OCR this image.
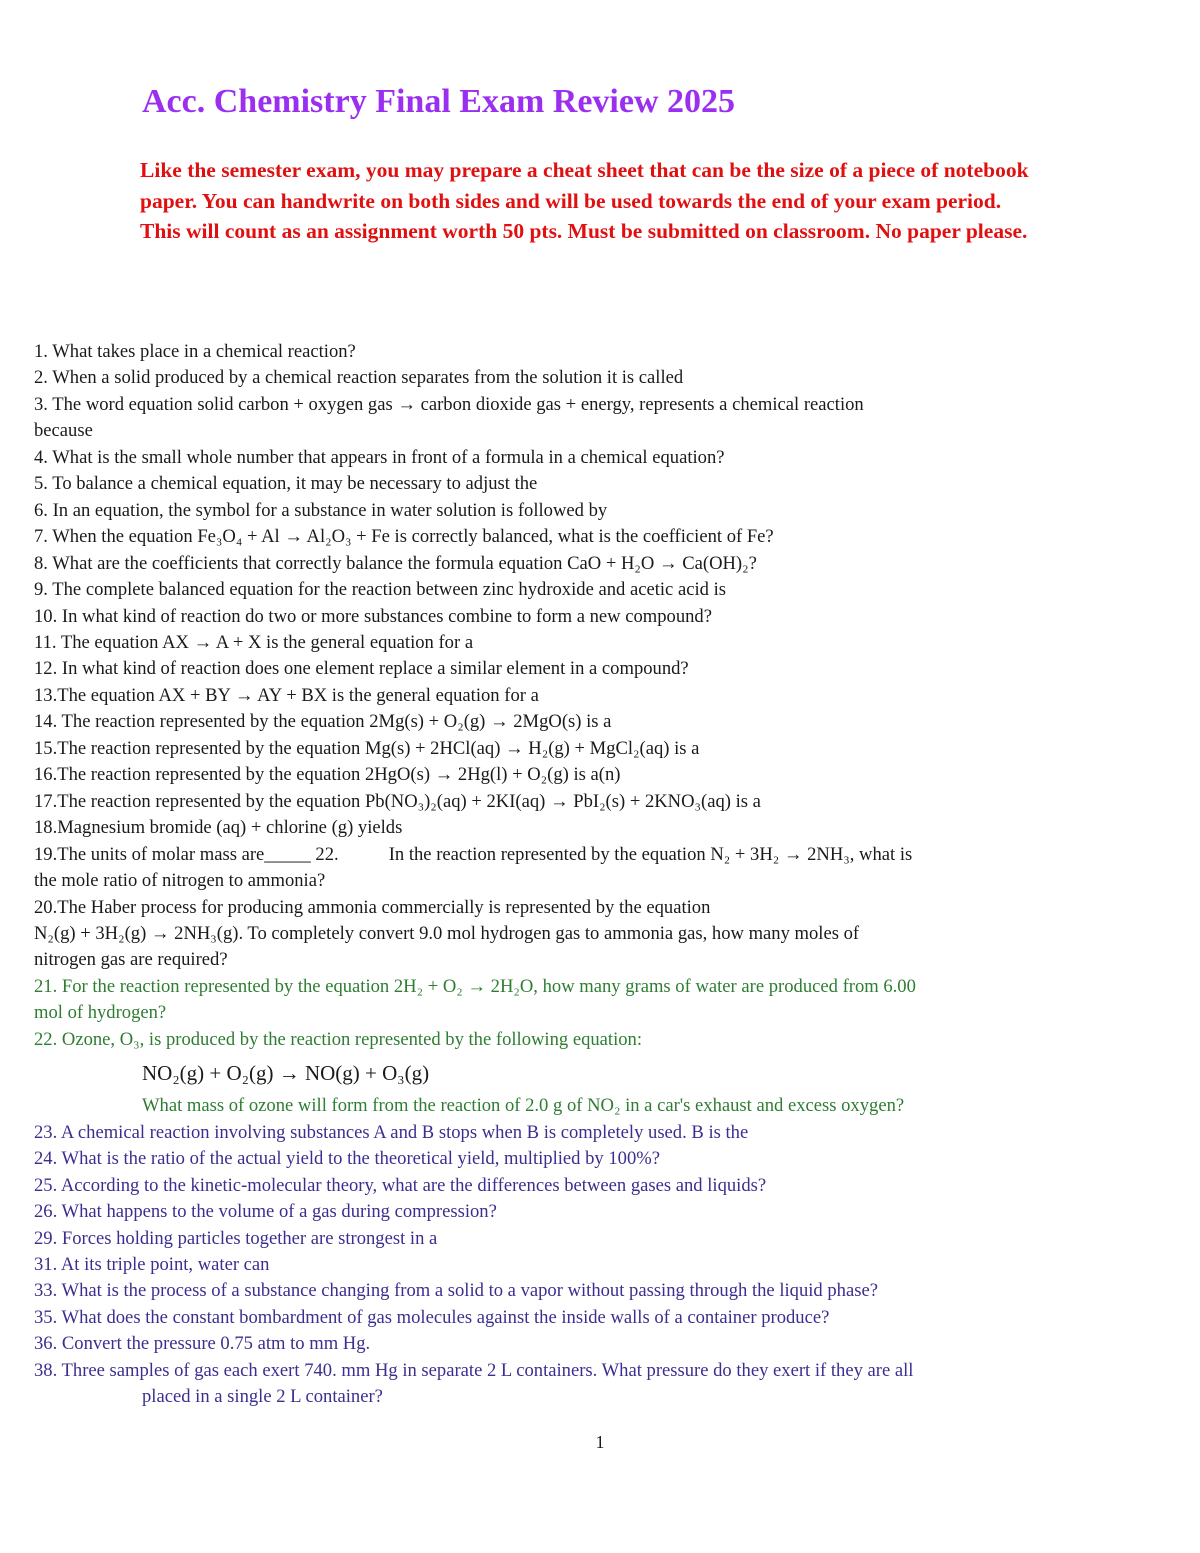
Acc. Chemistry Final Exam Review 2025

Like the semester exam, you may prepare a cheat sheet that can be the size of a piece of notebook paper. You can handwrite on both sides and will be used towards the end of your exam period.

This will count as an assignment worth 50 pts. Must be submitted on classroom. No paper please.

1. What takes place in a chemical reaction?
2. When a solid produced by a chemical reaction separates from the solution it is called
3. The word equation solid carbon + oxygen gas → carbon dioxide gas + energy, represents a chemical reaction
because
4. What is the small whole number that appears in front of a formula in a chemical equation?
5. To balance a chemical equation, it may be necessary to adjust the
6. In an equation, the symbol for a substance in water solution is followed by
7. When the equation Fe₃O₄ + Al → Al₂O₃ + Fe is correctly balanced, what is the coefficient of Fe?
8. What are the coefficients that correctly balance the formula equation CaO + H₂O → Ca(OH)₂?
9. The complete balanced equation for the reaction between zinc hydroxide and acetic acid is
10. In what kind of reaction do two or more substances combine to form a new compound?
11. The equation AX → A + X is the general equation for a
12. In what kind of reaction does one element replace a similar element in a compound?
13.The equation AX + BY → AY + BX is the general equation for a
14. The reaction represented by the equation 2Mg(s) + O₂(g) → 2MgO(s) is a
15.The reaction represented by the equation Mg(s) + 2HCl(aq) → H₂(g) + MgCl₂(aq) is a
16.The reaction represented by the equation 2HgO(s) → 2Hg(l) + O₂(g) is a(n)
17.The reaction represented by the equation Pb(NO₃)₂(aq) + 2KI(aq) → PbI₂(s) + 2KNO₃(aq) is a
18.Magnesium bromide (aq) + chlorine (g) yields
19.The units of molar mass are_____ 22.	In the reaction represented by the equation N₂ + 3H₂ → 2NH₃, what is
the mole ratio of nitrogen to ammonia?
20.The Haber process for producing ammonia commercially is represented by the equation
N₂(g) + 3H₂(g) → 2NH₃(g). To completely convert 9.0 mol hydrogen gas to ammonia gas, how many moles of
nitrogen gas are required?
21. For the reaction represented by the equation 2H₂ + O₂ → 2H₂O, how many grams of water are produced from 6.00
mol of hydrogen?
22. Ozone, O₃, is produced by the reaction represented by the following equation:
NO₂(g) + O₂(g) → NO(g) + O₃(g)
What mass of ozone will form from the reaction of 2.0 g of NO₂ in a car's exhaust and excess oxygen?
23. A chemical reaction involving substances A and B stops when B is completely used. B is the
24. What is the ratio of the actual yield to the theoretical yield, multiplied by 100%?
25. According to the kinetic-molecular theory, what are the differences between gases and liquids?
26. What happens to the volume of a gas during compression?
29. Forces holding particles together are strongest in a
31. At its triple point, water can
33. What is the process of a substance changing from a solid to a vapor without passing through the liquid phase?
35. What does the constant bombardment of gas molecules against the inside walls of a container produce?
36. Convert the pressure 0.75 atm to mm Hg.
38. Three samples of gas each exert 740. mm Hg in separate 2 L containers. What pressure do they exert if they are all
placed in a single 2 L container?
1
